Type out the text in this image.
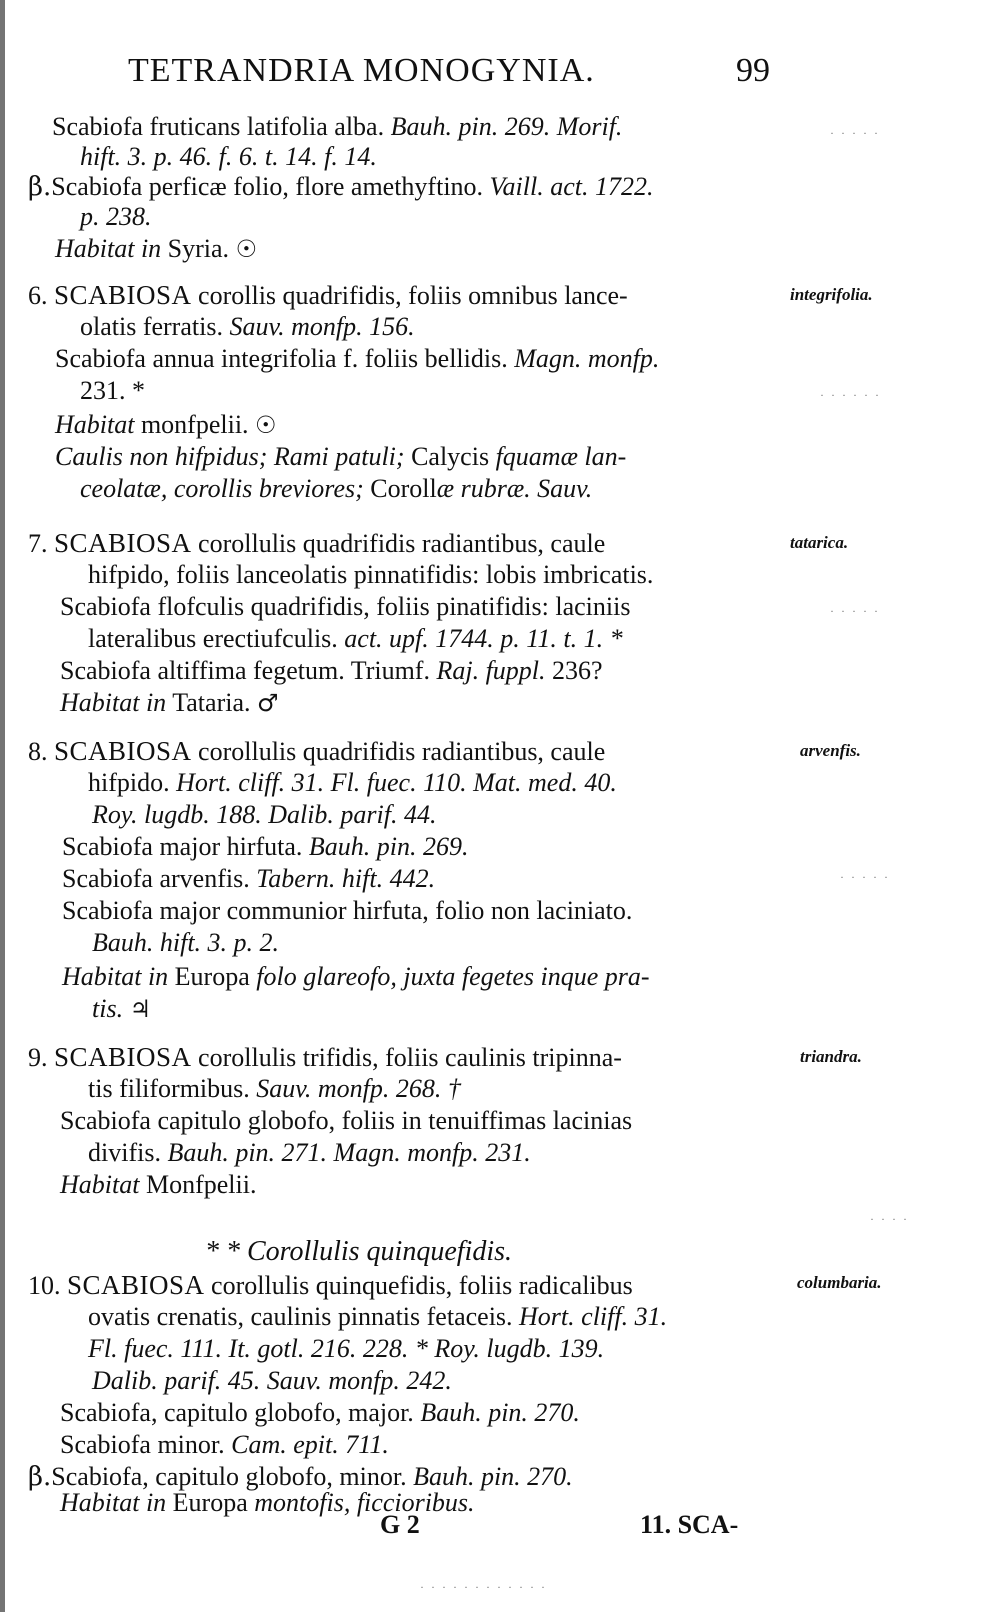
TETRANDRIA MONOGYNIA.	99
Scabiofa fruticans latifolia alba. Bauh. pin. 269. Morif.
hift. 3. p. 46. f. 6. t. 14. f. 14.
β.Scabiofa perficæ folio, flore amethyftino. Vaill. act. 1722.
p. 238.
Habitat in Syria. ☉
6. SCABIOSA corollis quadrifidis, foliis omnibus lance-	integrifolia.
olatis ferratis. Sauv. monfp. 156.
Scabiofa annua integrifolia f. foliis bellidis. Magn. monfp.
231. *
Habitat monfpelii. ☉
Caulis non hifpidus; Rami patuli; Calycis fquamæ lan-
ceolatæ, corollis breviores; Corollæ rubræ. Sauv.
7. SCABIOSA corollulis quadrifidis radiantibus, caule	tatarica.
hifpido, foliis lanceolatis pinnatifidis: lobis imbricatis.
Scabiofa flofculis quadrifidis, foliis pinatifidis: laciniis
lateralibus erectiufculis. act. upf. 1744. p. 11. t. 1. *
Scabiofa altiffima fegetum. Triumf. Raj. fuppl. 236?
Habitat in Tataria. ♂
8. SCABIOSA corollulis quadrifidis radiantibus, caule	arvenfis.
hifpido. Hort. cliff. 31. Fl. fuec. 110. Mat. med. 40.
Roy. lugdb. 188. Dalib. parif. 44.
Scabiofa major hirfuta. Bauh. pin. 269.
Scabiofa arvenfis. Tabern. hift. 442.
Scabiofa major communior hirfuta, folio non laciniato.
Bauh. hift. 3. p. 2.
Habitat in Europa folo glareofo, juxta fegetes inque pra-
tis. ♃
9. SCABIOSA corollulis trifidis, foliis caulinis tripinna-	triandra.
tis filiformibus. Sauv. monfp. 268. †
Scabiofa capitulo globofo, foliis in tenuiffimas lacinias
divifis. Bauh. pin. 271. Magn. monfp. 231.
Habitat Monfpelii.
* * Corollulis quinquefidis.
10. SCABIOSA corollulis quinquefidis, foliis radicalibus	columbaria.
ovatis crenatis, caulinis pinnatis fetaceis. Hort. cliff. 31.
Fl. fuec. 111. It. gotl. 216. 228. * Roy. lugdb. 139.
Dalib. parif. 45. Sauv. monfp. 242.
Scabiofa, capitulo globofo, major. Bauh. pin. 270.
Scabiofa minor. Cam. epit. 711.
β.Scabiofa, capitulo globofo, minor. Bauh. pin. 270.
Habitat in Europa montofis, ficcioribus.
G 2	11. SCA-
· · · · ·
· · · · · ·
· · · · ·
· · · · ·
· · · ·
· · · · · · · · · · · ·
